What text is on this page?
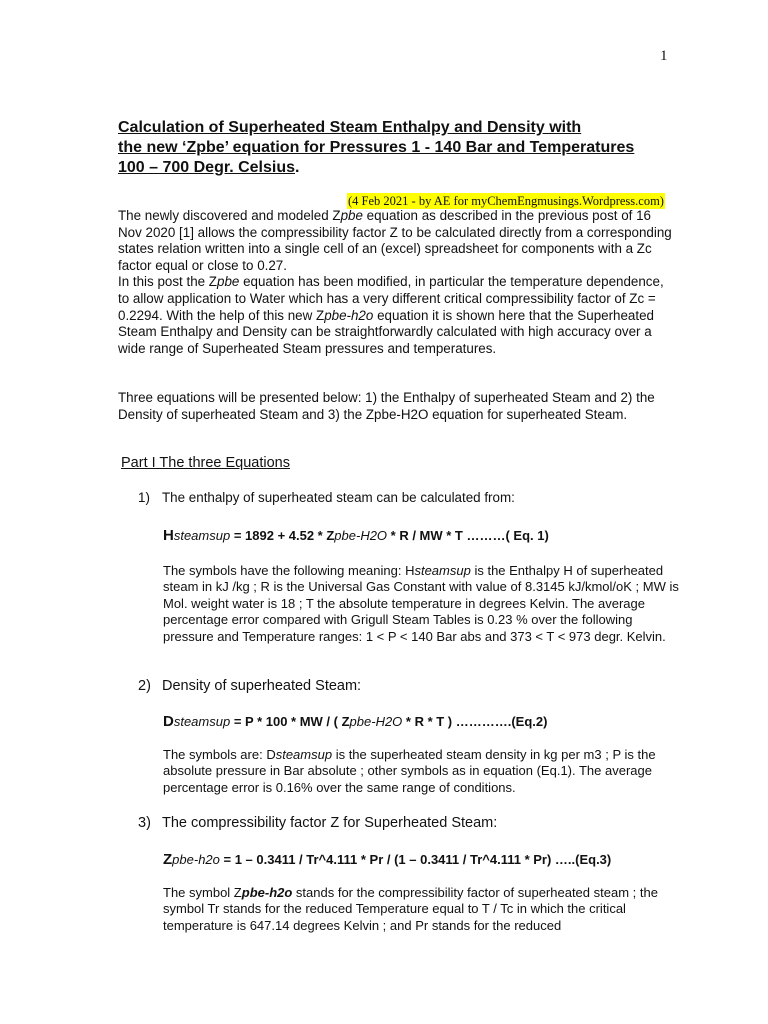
1
Calculation of Superheated Steam Enthalpy and Density with
the new ‘Zpbe’ equation for Pressures 1 - 140 Bar and Temperatures
100 – 700 Degr. Celsius.
(4 Feb 2021 - by AE for myChemEngmusings.Wordpress.com)

The newly discovered and modeled Zpbe equation as described in the previous post of 16 Nov 2020 [1] allows the compressibility factor Z to be calculated directly from a corresponding states relation written into a single cell of an (excel) spreadsheet for components with a Zc factor equal or close to 0.27.
In this post the Zpbe equation has been modified, in particular the temperature dependence, to allow application to Water which has a very different critical compressibility factor of Zc = 0.2294. With the help of this new Zpbe-h2o equation it is shown here that the Superheated Steam Enthalpy and Density can be straightforwardly calculated with high accuracy over a wide range of Superheated Steam pressures and temperatures.

Three equations will be presented below: 1) the Enthalpy of superheated Steam and 2) the Density of superheated Steam and 3) the Zpbe-H2O equation for superheated Steam.

Part I The three Equations
1) The enthalpy of superheated steam can be calculated from:
Hsteamsup = 1892 + 4.52 * Zpbe-H2O * R / MW * T ………( Eq. 1)

The symbols have the following meaning: Hsteamsup is the Enthalpy H of superheated steam in kJ /kg ; R is the Universal Gas Constant with value of 8.3145 kJ/kmol/oK ; MW is Mol. weight water is 18 ; T the absolute temperature in degrees Kelvin. The average percentage error compared with Grigull Steam Tables is 0.23 % over the following pressure and Temperature ranges: 1 < P < 140 Bar abs and 373 < T < 973 degr. Kelvin.

2) Density of superheated Steam:
Dsteamsup = P * 100 * MW / ( Zpbe-H2O * R * T ) ………….(Eq.2)

The symbols are: Dsteamsup is the superheated steam density in kg per m3 ; P is the absolute pressure in Bar absolute ; other symbols as in equation (Eq.1). The average percentage error is 0.16% over the same range of conditions.

3) The compressibility factor Z for Superheated Steam:
Zpbe-h2o = 1 – 0.3411 / Tr^4.111 * Pr / (1 – 0.3411 / Tr^4.111 * Pr) …..(Eq.3)

The symbol Zpbe-h2o stands for the compressibility factor of superheated steam ; the symbol Tr stands for the reduced Temperature equal to T / Tc in which the critical temperature is 647.14 degrees Kelvin ; and Pr stands for the reduced
